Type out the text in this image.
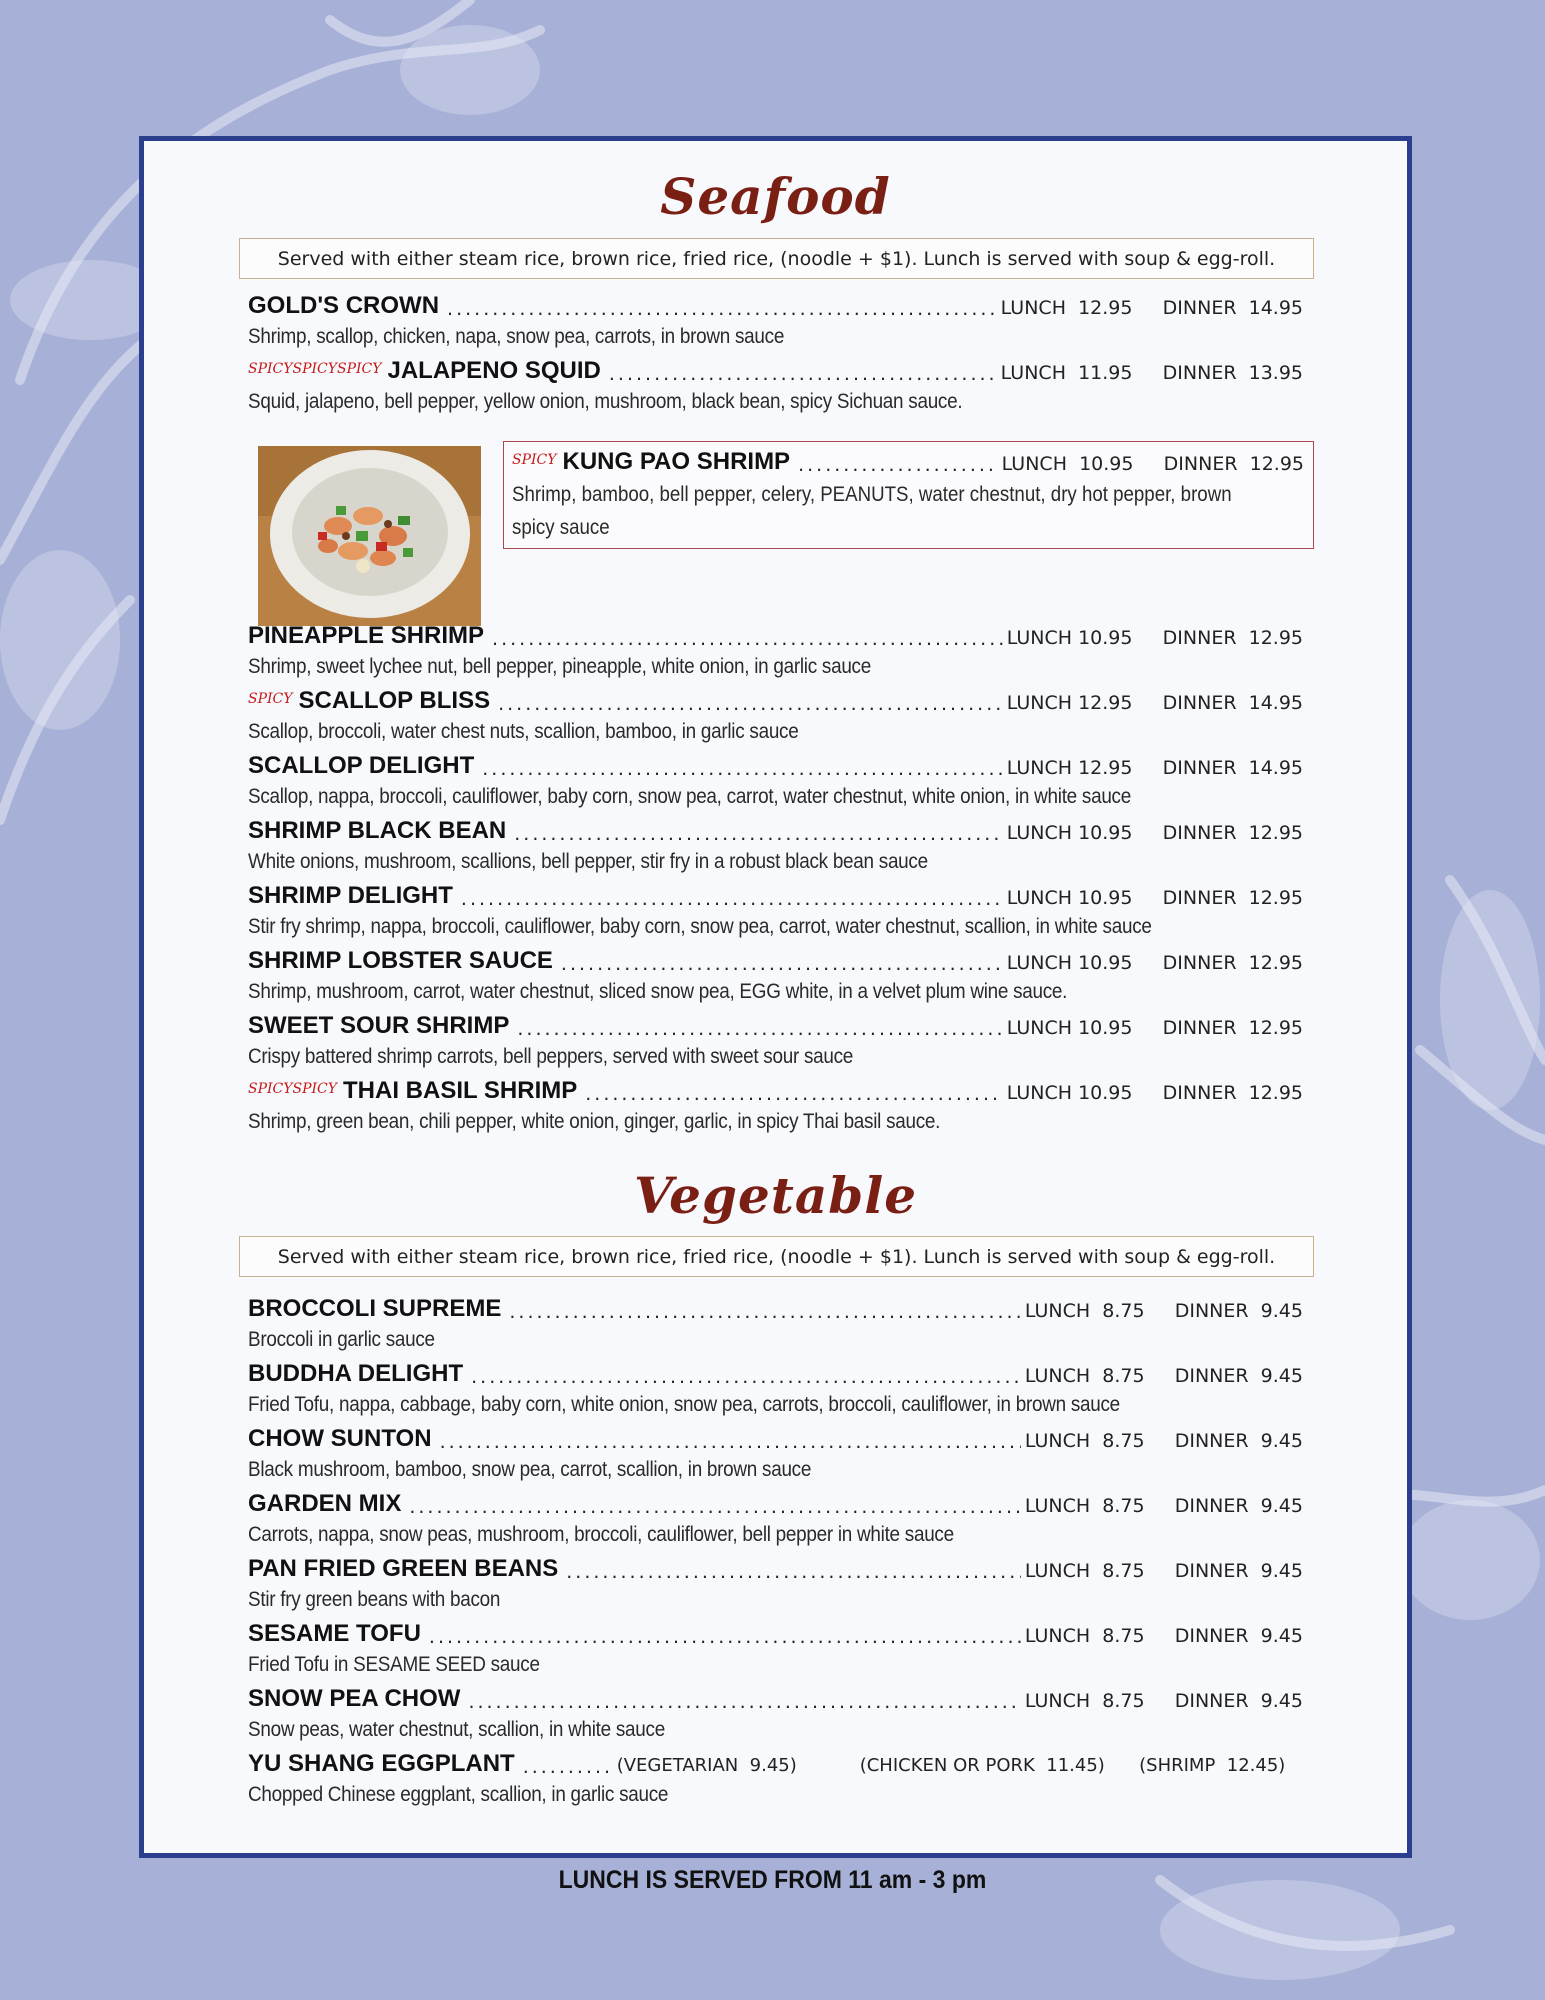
Seafood
Served with either steam rice, brown rice, fried rice, (noodle + $1). Lunch is served with soup & egg-roll.
GOLD'S CROWN .....	LUNCH  12.95     DINNER  14.95
Shrimp, scallop, chicken, napa, snow pea, carrots, in brown sauce
SPICYSPICYSPICY JALAPENO SQUID .....	LUNCH  11.95     DINNER  13.95
Squid, jalapeno, bell pepper, yellow onion, mushroom, black bean, spicy Sichuan sauce.
SPICY KUNG PAO SHRIMP .....	LUNCH  10.95     DINNER  12.95
Shrimp, bamboo, bell pepper, celery, PEANUTS, water chestnut, dry hot pepper, brown spicy sauce
PINEAPPLE SHRIMP .....	LUNCH 10.95     DINNER  12.95
Shrimp, sweet lychee nut, bell pepper, pineapple, white onion, in garlic sauce
SPICY SCALLOP BLISS .....	LUNCH 12.95     DINNER  14.95
Scallop, broccoli, water chest nuts, scallion, bamboo, in garlic sauce
SCALLOP DELIGHT .....	LUNCH 12.95     DINNER  14.95
Scallop, nappa, broccoli, cauliflower, baby corn, snow pea, carrot, water chestnut, white onion, in white sauce
SHRIMP BLACK BEAN .....	LUNCH 10.95     DINNER  12.95
White onions, mushroom, scallions, bell pepper, stir fry in a robust black bean sauce
SHRIMP DELIGHT .....	LUNCH 10.95     DINNER  12.95
Stir fry shrimp, nappa, broccoli, cauliflower, baby corn, snow pea, carrot, water chestnut, scallion, in white sauce
SHRIMP LOBSTER SAUCE .....	LUNCH 10.95     DINNER  12.95
Shrimp, mushroom, carrot, water chestnut, sliced snow pea, EGG white, in a velvet plum wine sauce.
SWEET SOUR SHRIMP .....	LUNCH 10.95     DINNER  12.95
Crispy battered shrimp carrots, bell peppers, served with sweet sour sauce
SPICYSPICY THAI BASIL SHRIMP .....	LUNCH 10.95     DINNER  12.95
Shrimp, green bean, chili pepper, white onion, ginger, garlic, in spicy Thai basil sauce.
Vegetable
Served with either steam rice, brown rice, fried rice, (noodle + $1). Lunch is served with soup & egg-roll.
BROCCOLI SUPREME .....	LUNCH  8.75     DINNER  9.45
Broccoli in garlic sauce
BUDDHA DELIGHT .....	LUNCH  8.75     DINNER  9.45
Fried Tofu, nappa, cabbage, baby corn, white onion, snow pea, carrots, broccoli, cauliflower, in brown sauce
CHOW SUNTON .....	LUNCH  8.75     DINNER  9.45
Black mushroom, bamboo, snow pea, carrot, scallion, in brown sauce
GARDEN MIX .....	LUNCH  8.75     DINNER  9.45
Carrots, nappa, snow peas, mushroom, broccoli, cauliflower, bell pepper in white sauce
PAN FRIED GREEN BEANS .....	LUNCH  8.75     DINNER  9.45
Stir fry green beans with bacon
SESAME TOFU .....	LUNCH  8.75     DINNER  9.45
Fried Tofu in SESAME SEED sauce
SNOW PEA CHOW .....	LUNCH  8.75     DINNER  9.45
Snow peas, water chestnut, scallion, in white sauce
YU SHANG EGGPLANT .....	(VEGETARIAN  9.45)           (CHICKEN OR PORK  11.45)      (SHRIMP  12.45)
Chopped Chinese eggplant, scallion, in garlic sauce
LUNCH IS SERVED FROM 11 am - 3 pm
